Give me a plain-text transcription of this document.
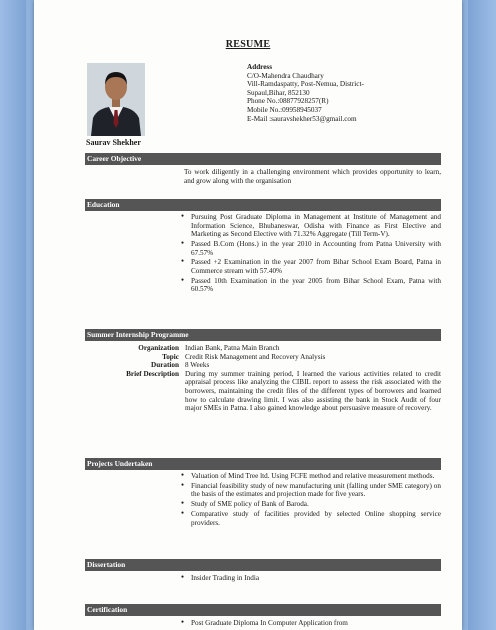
RESUME
Saurav Shekher
Address
C/O-Mahendra Chaudhary
Vill-Ramdaspatty, Post-Nemua, District-Supaul,Bihar, 852130
Phone No.:08877928257(R)
Mobile No.:09958945037
E-Mail :sauravshekher53@gmail.com
Career Objective
To work diligently in a challenging environment which provides opportunity to learn, and grow along with the organisation
Education
● Pursuing Post Graduate Diploma in Management at Institute of Management and Information Science, Bhubaneswar, Odisha with Finance as First Elective and Marketing as Second Elective with 71.32% Aggregate (Till Term-V).
● Passed B.Com (Hons.) in the year 2010 in Accounting from Patna University with 67.57%
● Passed +2 Examination in the year 2007 from Bihar School Exam Board, Patna in Commerce stream with 57.40%
● Passed 10th Examination in the year 2005 from Bihar School Exam, Patna with 60.57%
Summer Internship Programme
Organization Indian Bank, Patna Main Branch
Topic Credit Risk Management and Recovery Analysis
Duration 8 Weeks
Brief Description During my summer training period, I learned the various activities related to credit appraisal process like analyzing the CIBIL report to assess the risk associated with the borrowers, maintaining the credit files of the different types of borrowers and learned how to calculate drawing limit. I was also assisting the bank in Stock Audit of four major SMEs in Patna. I also gained knowledge about persuasive measure of recovery.
Projects Undertaken
● Valuation of Mind Tree ltd. Using FCFE method and relative measurement methods.
● Financial feasibility study of new manufacturing unit (falling under SME category) on the basis of the estimates and projection made for five years.
● Study of SME policy of Bank of Baroda.
● Comparative study of facilities provided by selected Online shopping service providers.
Dissertation
● Insider Trading in India
Certification
● Post Graduate Diploma In Computer Application from
